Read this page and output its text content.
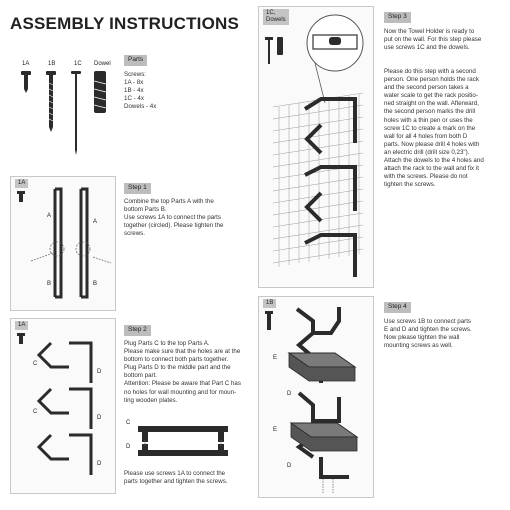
ASSEMBLY INSTRUCTIONS
1A	1B	1C Dowel
Parts
Screws:
1A - 8x
1B - 4x
1C - 4x
Dowels - 4x
1A
A
A
B	B
Step 1
Combine the top Parts A with the
bottom Parts B.
Use screws 1A to connect the parts
together (circled). Please tighten the
screws.
1A
C
C
D
D
D
Step 2
Plug Parts C to the top Parts A.
Please make sure that the holes are at the
bottom to connect both parts together.
Plug Parts D to the middle part and the
bottom part.
Attention: Please be aware that Part C has
no holes for wall mounting and for moun-
ting wooden plates.
C
D
Please use screws 1A to connect the
parts together and tighten the screws.
1C,
Dowels	Step 3
Now the Towel Holder is ready to
put on the wall. For this step please
use screws 1C and the dowels.
Please do this step with a second
person. One person holds the rack
and the second person takes a
water scale to get the rack positio-
ned straight on the wall. Afterward,
the second person marks the drill
holes with a thin pen or uses the
screw 1C to create a mark on the
wall for all 4 holes from both D
parts. Now please drill 4 holes with
an electric drill (drill size 0,23").
Attach the dowels to the 4 holes and
attach the rack to the wall and fix it
with the screws. Please do not
tighten the screws.
1B
E
D
E
D
Step 4
Use screws 1B to connect parts
E and D and tighten the screws.
Now please tighten the wall
mounting screws as well.
